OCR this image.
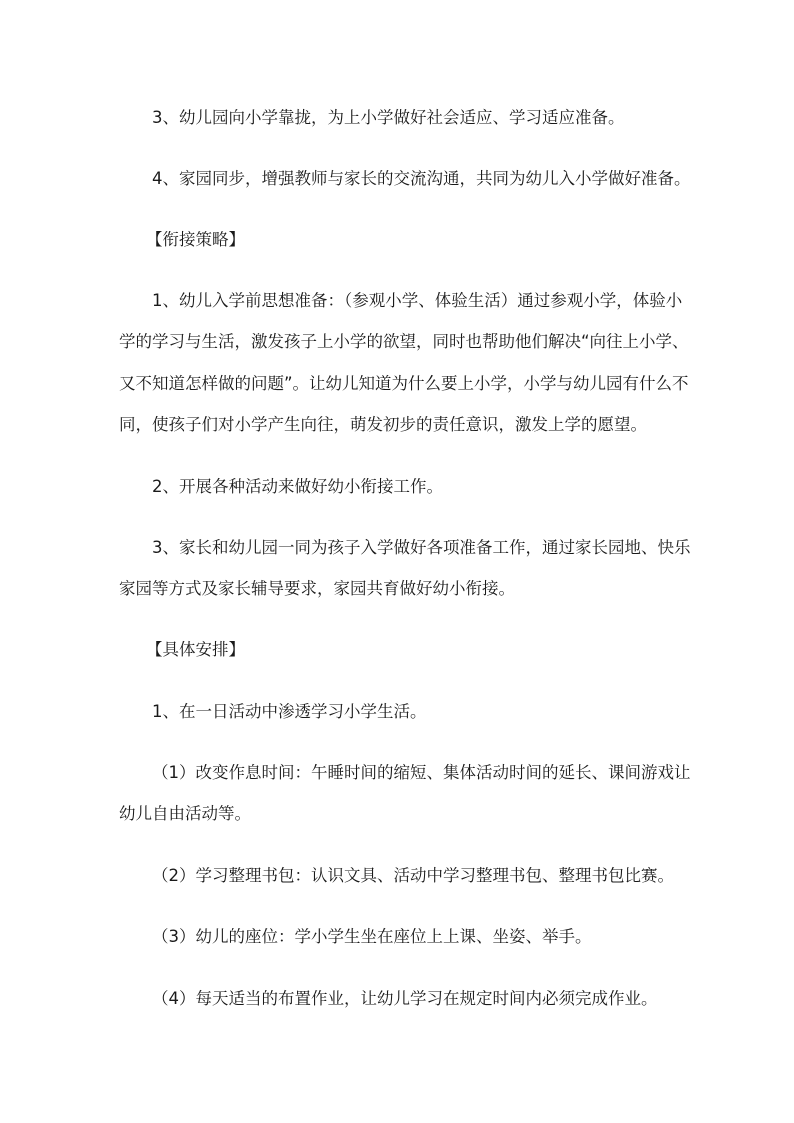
3、幼儿园向小学靠拢，为上小学做好社会适应、学习适应准备。
4、家园同步，增强教师与家长的交流沟通，共同为幼儿入小学做好准备。
【衔接策略】
1、幼儿入学前思想准备：（参观小学、体验生活）通过参观小学，体验小
学的学习与生活，激发孩子上小学的欲望，同时也帮助他们解决“向往上小学、
又不知道怎样做的问题”。让幼儿知道为什么要上小学，小学与幼儿园有什么不
同，使孩子们对小学产生向往，萌发初步的责任意识，激发上学的愿望。
2、开展各种活动来做好幼小衔接工作。
3、家长和幼儿园一同为孩子入学做好各项准备工作，通过家长园地、快乐
家园等方式及家长辅导要求，家园共育做好幼小衔接。
【具体安排】
1、在一日活动中渗透学习小学生活。
（1）改变作息时间：午睡时间的缩短、集体活动时间的延长、课间游戏让
幼儿自由活动等。
（2）学习整理书包：认识文具、活动中学习整理书包、整理书包比赛。
（3）幼儿的座位：学小学生坐在座位上上课、坐姿、举手。
（4）每天适当的布置作业，让幼儿学习在规定时间内必须完成作业。
